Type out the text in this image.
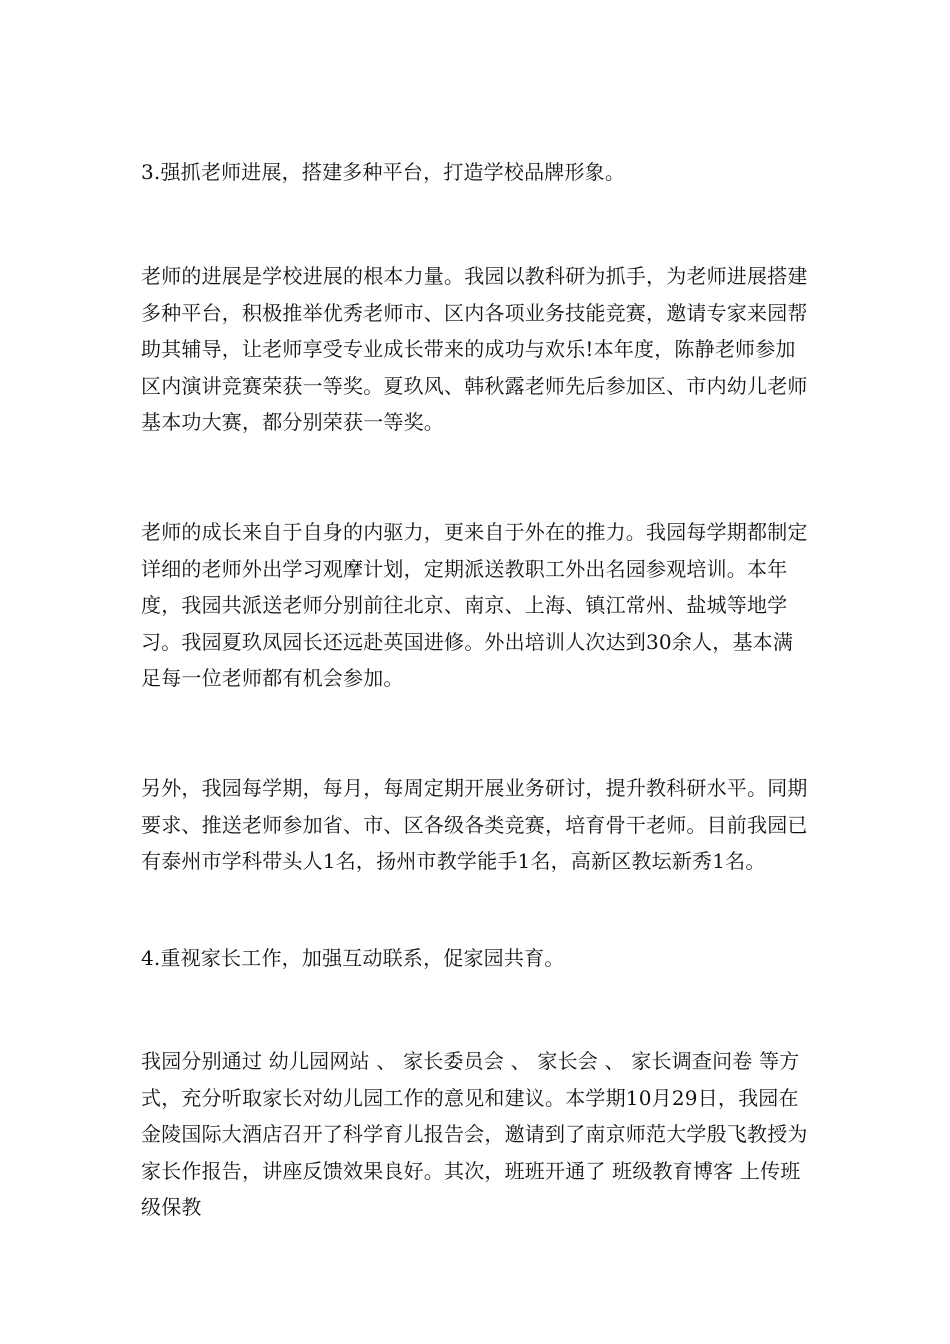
3.强抓老师进展，搭建多种平台，打造学校品牌形象。

老师的进展是学校进展的根本力量。我园以教科研为抓手，为老师进展搭建多种平台，积极推举优秀老师市、区内各项业务技能竞赛，邀请专家来园帮助其辅导，让老师享受专业成长带来的成功与欢乐!本年度，陈静老师参加区内演讲竞赛荣获一等奖。夏玖风、韩秋露老师先后参加区、市内幼儿老师基本功大赛，都分别荣获一等奖。

老师的成长来自于自身的内驱力，更来自于外在的推力。我园每学期都制定详细的老师外出学习观摩计划，定期派送教职工外出名园参观培训。本年度，我园共派送老师分别前往北京、南京、上海、镇江常州、盐城等地学习。我园夏玖凤园长还远赴英国进修。外出培训人次达到30余人，基本满足每一位老师都有机会参加。

另外，我园每学期，每月，每周定期开展业务研讨，提升教科研水平。同期要求、推送老师参加省、市、区各级各类竞赛，培育骨干老师。目前我园已有泰州市学科带头人1名，扬州市教学能手1名，高新区教坛新秀1名。

4.重视家长工作，加强互动联系，促家园共育。

我园分别通过 幼儿园网站 、 家长委员会 、 家长会 、 家长调查问卷 等方式，充分听取家长对幼儿园工作的意见和建议。本学期10月29日，我园在金陵国际大酒店召开了科学育儿报告会，邀请到了南京师范大学殷飞教授为家长作报告，讲座反馈效果良好。其次，班班开通了 班级教育博客 上传班级保教
